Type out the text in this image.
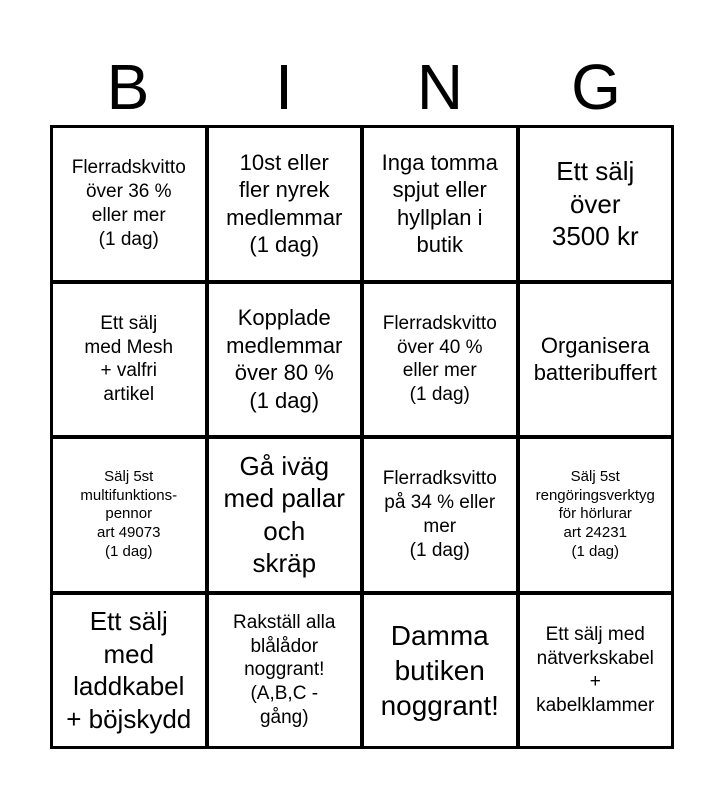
B	I	N	G
Flerradskvitto
över 36 %
eller mer
(1 dag)
10st eller
fler nyrek
medlemmar
(1 dag)
Inga tomma
spjut eller
hyllplan i
butik
Ett sälj
över
3500 kr
Ett sälj
med Mesh
+ valfri
artikel
Kopplade
medlemmar
över 80 %
(1 dag)
Flerradskvitto
över 40 %
eller mer
(1 dag)
Organisera
batteribuffert
Sälj 5st
multifunktions-
pennor
art 49073
(1 dag)
Gå iväg
med pallar
och
skräp
Flerradksvitto
på 34 % eller
mer
(1 dag)
Sälj 5st
rengöringsverktyg
för hörlurar
art 24231
(1 dag)
Ett sälj
med
laddkabel
+ böjskydd
Rakställ alla
blålådor
noggrant!
(A,B,C -
gång)
Damma
butiken
noggrant!
Ett sälj med
nätverkskabel
+
kabelklammer
